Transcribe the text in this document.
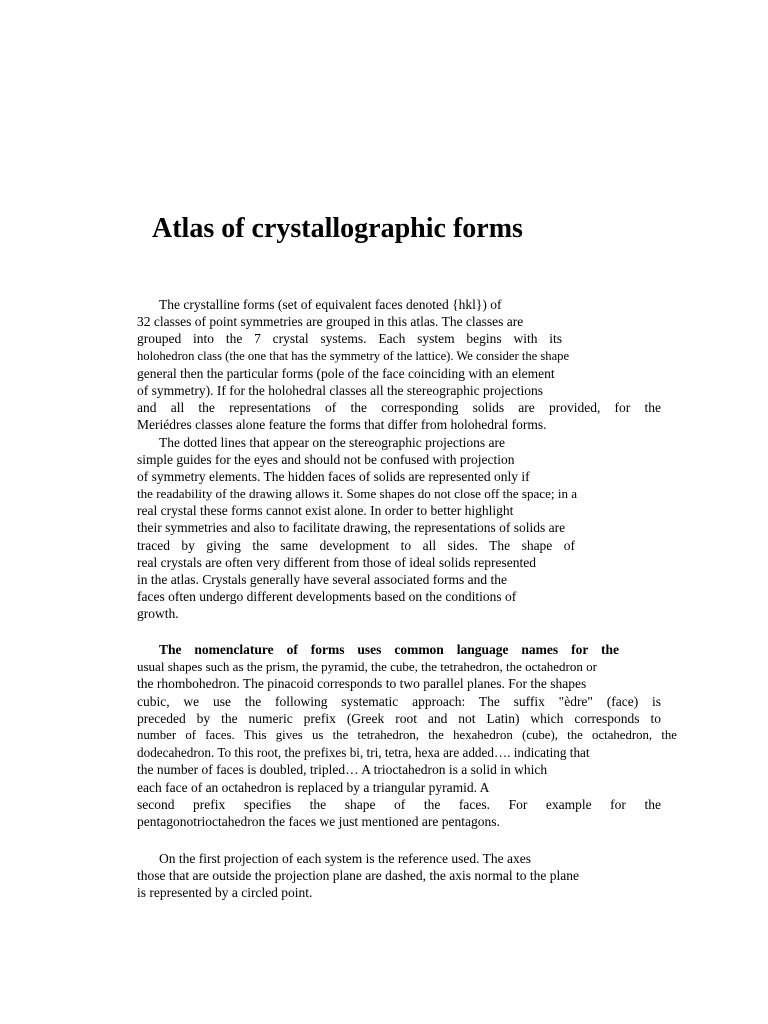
Atlas of crystallographic forms
The crystalline forms (set of equivalent faces denoted {hkl}) of
32 classes of point symmetries are grouped in this atlas. The classes are
grouped into the 7 crystal systems. Each system begins with its
holohedron class (the one that has the symmetry of the lattice). We consider the shape
general then the particular forms (pole of the face coinciding with an element
of symmetry). If for the holohedral classes all the stereographic projections
and all the representations of the corresponding solids are provided, for the
Meriédres classes alone feature the forms that differ from holohedral forms.
The dotted lines that appear on the stereographic projections are
simple guides for the eyes and should not be confused with projection
of symmetry elements. The hidden faces of solids are represented only if
the readability of the drawing allows it. Some shapes do not close off the space; in a
real crystal these forms cannot exist alone. In order to better highlight
their symmetries and also to facilitate drawing, the representations of solids are
traced by giving the same development to all sides. The shape of
real crystals are often very different from those of ideal solids represented
in the atlas. Crystals generally have several associated forms and the
faces often undergo different developments based on the conditions of
growth.
The nomenclature of forms uses common language names for the
usual shapes such as the prism, the pyramid, the cube, the tetrahedron, the octahedron or
the rhombohedron. The pinacoid corresponds to two parallel planes. For the shapes
cubic, we use the following systematic approach: The suffix "èdre" (face) is
preceded by the numeric prefix (Greek root and not Latin) which corresponds to
number of faces. This gives us the tetrahedron, the hexahedron (cube), the octahedron, the
dodecahedron. To this root, the prefixes bi, tri, tetra, hexa are added…. indicating that
the number of faces is doubled, tripled… A trioctahedron is a solid in which
each face of an octahedron is replaced by a triangular pyramid. A
second prefix specifies the shape of the faces. For example for the
pentagonotrioctahedron the faces we just mentioned are pentagons.
On the first projection of each system is the reference used. The axes
those that are outside the projection plane are dashed, the axis normal to the plane
is represented by a circled point.
